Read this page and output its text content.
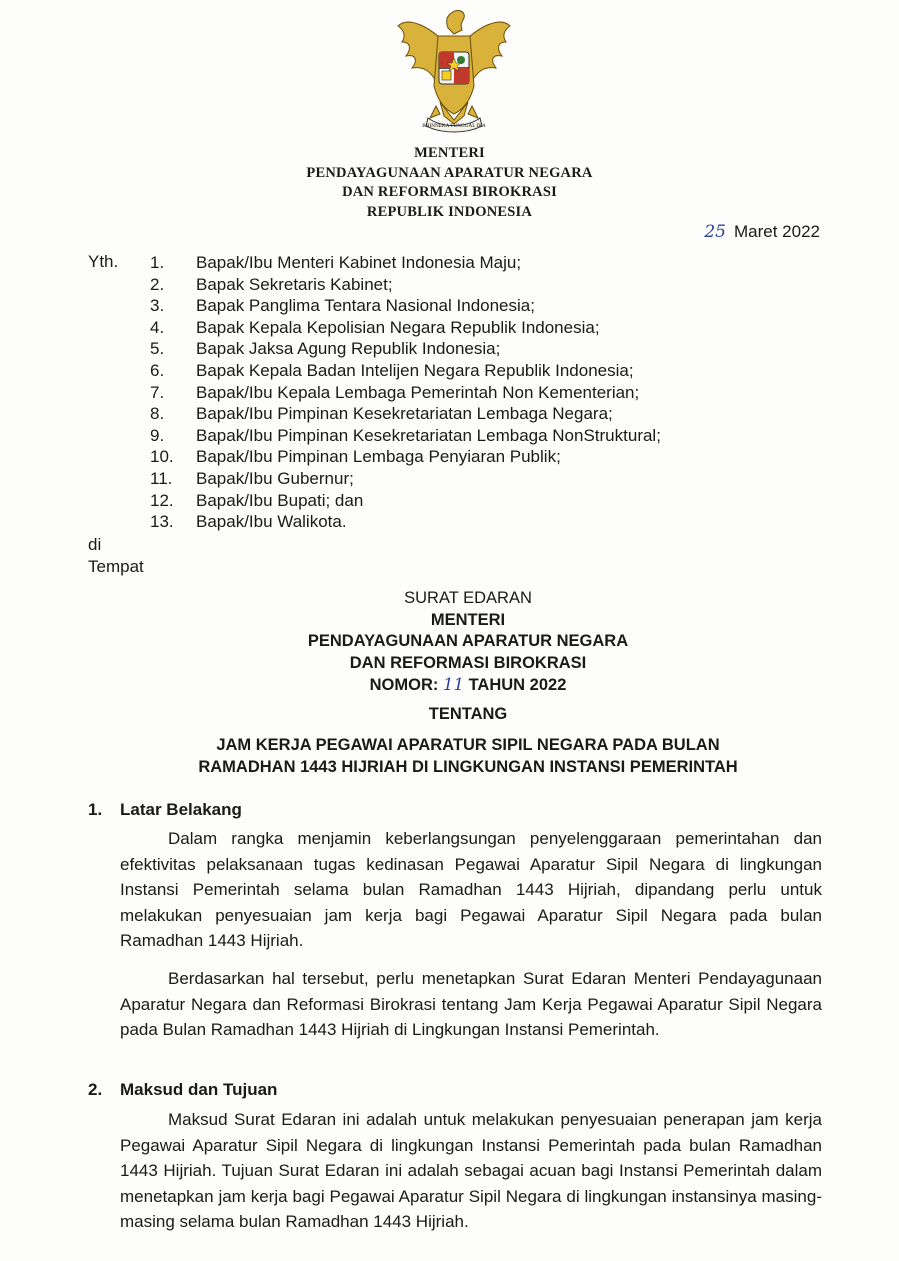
BHINNEKA TUNGGAL IKA
MENTERI
PENDAYAGUNAAN APARATUR NEGARA
DAN REFORMASI BIROKRASI
REPUBLIK INDONESIA
25 Maret 2022
Yth. 1. Bapak/Ibu Menteri Kabinet Indonesia Maju;
2. Bapak Sekretaris Kabinet;
3. Bapak Panglima Tentara Nasional Indonesia;
4. Bapak Kepala Kepolisian Negara Republik Indonesia;
5. Bapak Jaksa Agung Republik Indonesia;
6. Bapak Kepala Badan Intelijen Negara Republik Indonesia;
7. Bapak/Ibu Kepala Lembaga Pemerintah Non Kementerian;
8. Bapak/Ibu Pimpinan Kesekretariatan Lembaga Negara;
9. Bapak/Ibu Pimpinan Kesekretariatan Lembaga NonStruktural;
10. Bapak/Ibu Pimpinan Lembaga Penyiaran Publik;
11. Bapak/Ibu Gubernur;
12. Bapak/Ibu Bupati; dan
13. Bapak/Ibu Walikota.
di
Tempat
SURAT EDARAN
MENTERI
PENDAYAGUNAAN APARATUR NEGARA
DAN REFORMASI BIROKRASI
NOMOR: 11 TAHUN 2022
TENTANG
JAM KERJA PEGAWAI APARATUR SIPIL NEGARA PADA BULAN
RAMADHAN 1443 HIJRIAH DI LINGKUNGAN INSTANSI PEMERINTAH
1. Latar Belakang

Dalam rangka menjamin keberlangsungan penyelenggaraan pemerintahan dan efektivitas pelaksanaan tugas kedinasan Pegawai Aparatur Sipil Negara di lingkungan Instansi Pemerintah selama bulan Ramadhan 1443 Hijriah, dipandang perlu untuk melakukan penyesuaian jam kerja bagi Pegawai Aparatur Sipil Negara pada bulan Ramadhan 1443 Hijriah.

Berdasarkan hal tersebut, perlu menetapkan Surat Edaran Menteri Pendayagunaan Aparatur Negara dan Reformasi Birokrasi tentang Jam Kerja Pegawai Aparatur Sipil Negara pada Bulan Ramadhan 1443 Hijriah di Lingkungan Instansi Pemerintah.

2. Maksud dan Tujuan

Maksud Surat Edaran ini adalah untuk melakukan penyesuaian penerapan jam kerja Pegawai Aparatur Sipil Negara di lingkungan Instansi Pemerintah pada bulan Ramadhan 1443 Hijriah. Tujuan Surat Edaran ini adalah sebagai acuan bagi Instansi Pemerintah dalam menetapkan jam kerja bagi Pegawai Aparatur Sipil Negara di lingkungan instansinya masing-masing selama bulan Ramadhan 1443 Hijriah.
